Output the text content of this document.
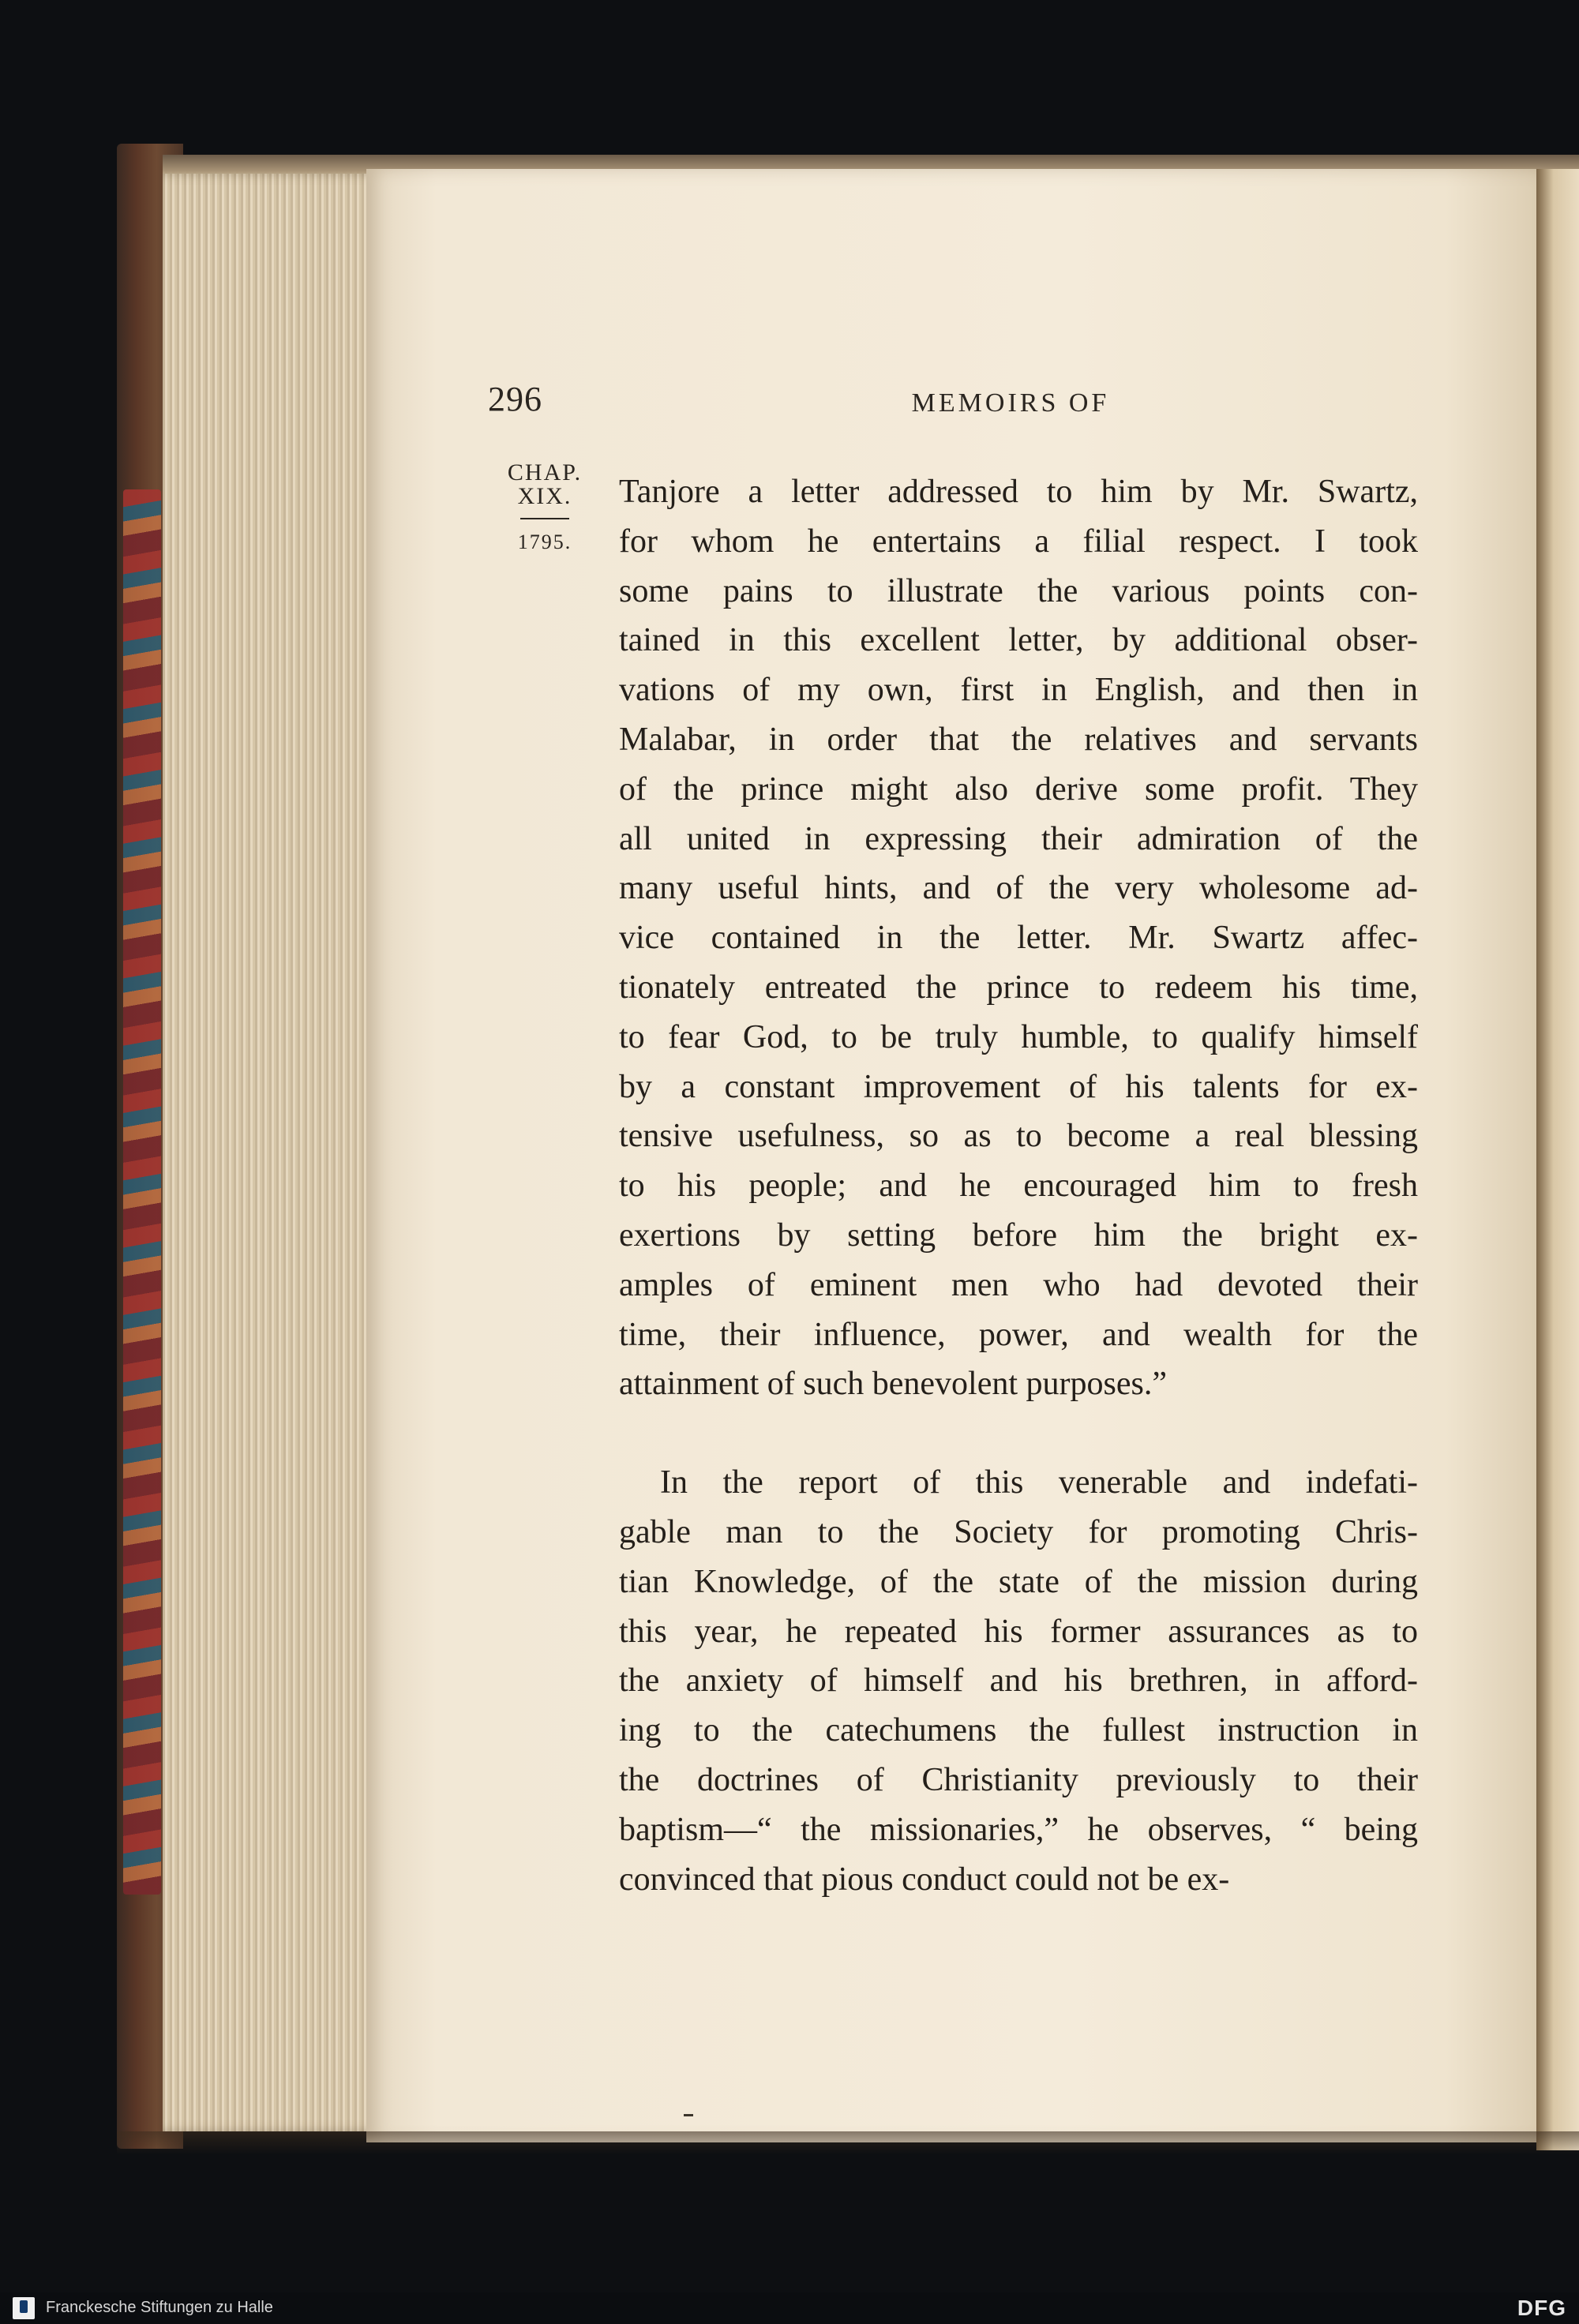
296	MEMOIRS OF
CHAP.
XIX.
1795.
Tanjore a letter addressed to him by Mr. Swartz,
for whom he entertains a filial respect. I took
some pains to illustrate the various points con-
tained in this excellent letter, by additional obser-
vations of my own, first in English, and then in
Malabar, in order that the relatives and servants
of the prince might also derive some profit. They
all united in expressing their admiration of the
many useful hints, and of the very wholesome ad-
vice contained in the letter. Mr. Swartz affec-
tionately entreated the prince to redeem his time,
to fear God, to be truly humble, to qualify himself
by a constant improvement of his talents for ex-
tensive usefulness, so as to become a real blessing
to his people; and he encouraged him to fresh
exertions by setting before him the bright ex-
amples of eminent men who had devoted their
time, their influence, power, and wealth for the
attainment of such benevolent purposes.”
In the report of this venerable and indefati-
gable man to the Society for promoting Chris-
tian Knowledge, of the state of the mission during
this year, he repeated his former assurances as to
the anxiety of himself and his brethren, in afford-
ing to the catechumens the fullest instruction in
the doctrines of Christianity previously to their
baptism—“ the missionaries,” he observes, “ being
convinced that pious conduct could not be ex-
Franckesche Stiftungen zu Halle	DFG
